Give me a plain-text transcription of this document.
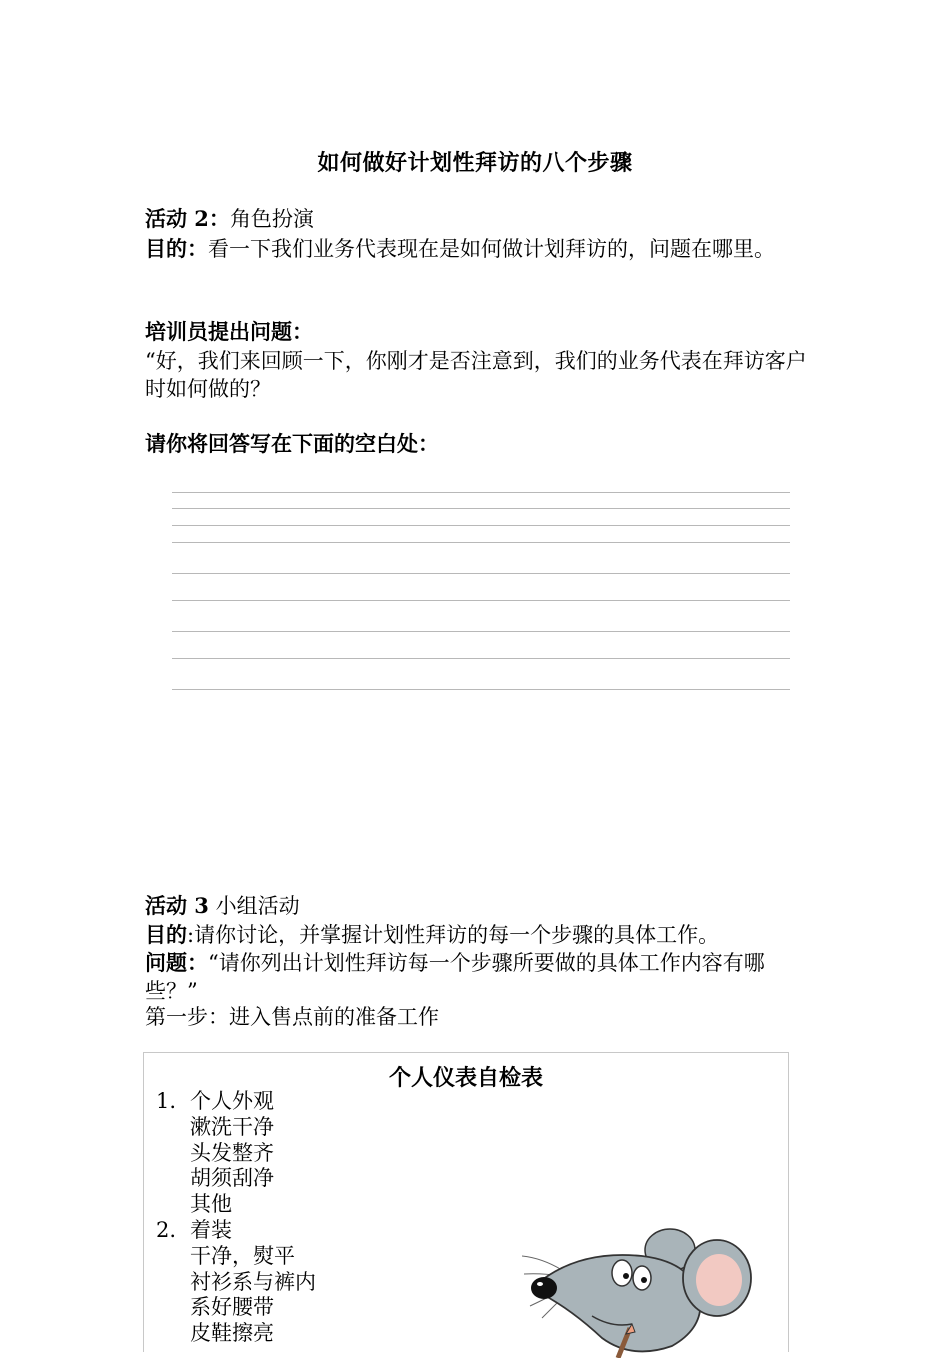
如何做好计划性拜访的八个步骤
活动 2：角色扮演
目的：看一下我们业务代表现在是如何做计划拜访的，问题在哪里。
培训员提出问题：
“好，我们来回顾一下，你刚才是否注意到，我们的业务代表在拜访客户时如何做的？
请你将回答写在下面的空白处：
活动 3 小组活动
目的:请你讨论，并掌握计划性拜访的每一个步骤的具体工作。
问题：“请你列出计划性拜访每一个步骤所要做的具体工作内容有哪些？”
第一步：进入售点前的准备工作
个人仪表自检表
1. 个人外观
漱洗干净
头发整齐
胡须刮净
其他
2. 着装
干净，熨平
衬衫系与裤内
系好腰带
皮鞋擦亮
